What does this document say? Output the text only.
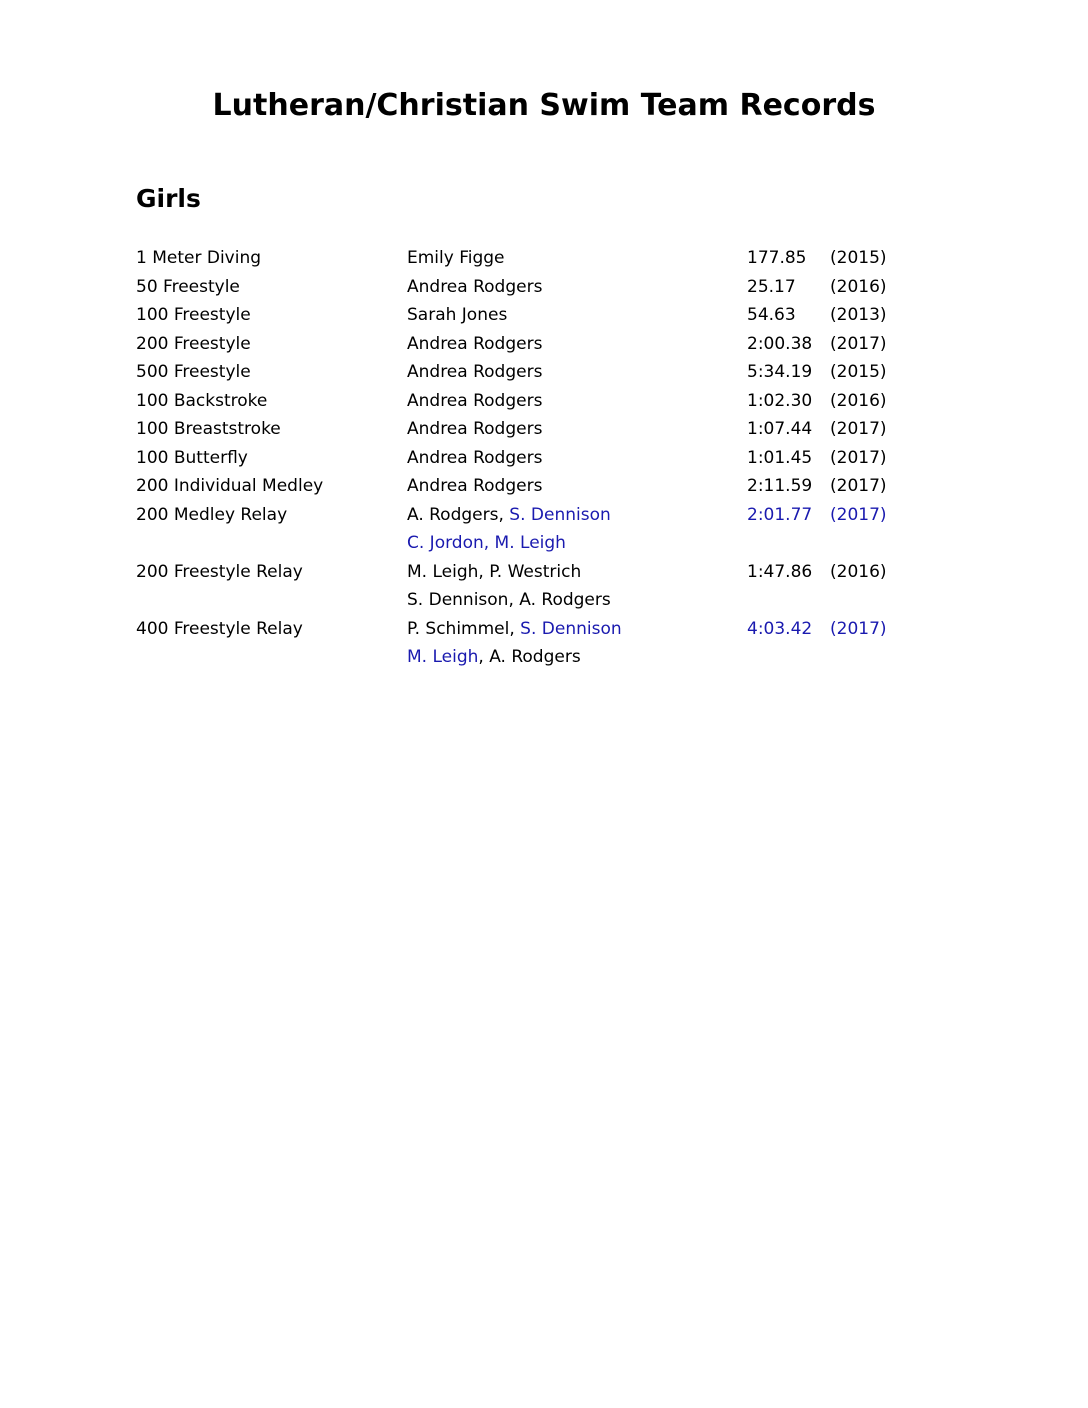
Lutheran/Christian Swim Team Records
Girls
1 Meter Diving	Emily Figge	177.85 (2015)
50 Freestyle	Andrea Rodgers	25.17 (2016)
100 Freestyle	Sarah Jones	54.63 (2013)
200 Freestyle	Andrea Rodgers	2:00.38 (2017)
500 Freestyle	Andrea Rodgers	5:34.19 (2015)
100 Backstroke	Andrea Rodgers	1:02.30 (2016)
100 Breaststroke	Andrea Rodgers	1:07.44 (2017)
100 Butterfly	Andrea Rodgers	1:01.45 (2017)
200 Individual Medley	Andrea Rodgers	2:11.59 (2017)
200 Medley Relay	A. Rodgers, S. Dennison	2:01.77 (2017)
C. Jordon, M. Leigh
200 Freestyle Relay	M. Leigh, P. Westrich	1:47.86 (2016)
S. Dennison, A. Rodgers
400 Freestyle Relay	P. Schimmel, S. Dennison	4:03.42 (2017)
M. Leigh, A. Rodgers
